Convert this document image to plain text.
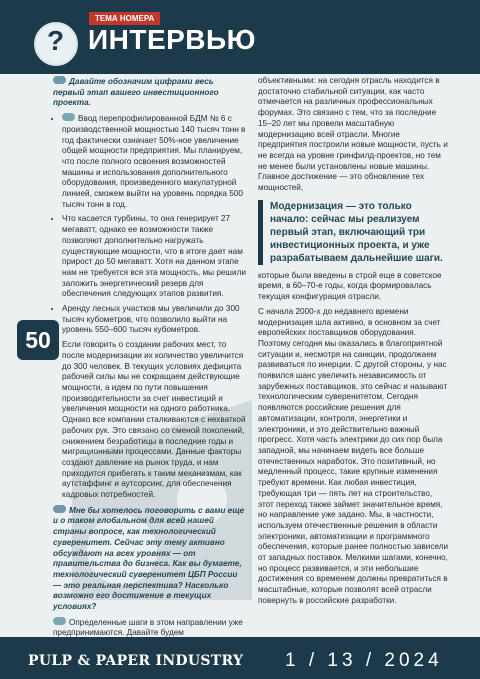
?
ТЕМА НОМЕРА
ИНТЕРВЬЮ
50
Давайте обозначим цифрами весь первый этап вашего инвестиционного проекта.
• Ввод перепрофилированной БДМ № 6 с производственной мощностью 140 тысяч тонн в год фактически означает 50%-ное увеличение общей мощности предприятия. Мы планируем, что после полного освоения возможностей машины и использования дополнительного оборудования, произведенного макулатурной линией, сможем выйти на уровень порядка 500 тысяч тонн в год.
• Что касается турбины, то она генерирует 27 мегаватт, однако ее возможности также позволяют дополнительно нагружать существующие мощности, что в итоге дает нам прирост до 50 мегаватт. Хотя на данном этапе нам не требуется вся эта мощность, мы решили заложить энергетический резерв для обеспечения следующих этапов развития.
• Аренду лесных участков мы увеличили до 300 тысяч кубометров, что позволило выйти на уровень 550–600 тысяч кубометров.
• Если говорить о создании рабочих мест, то после модернизации их количество увеличится до 300 человек. В текущих условиях дефицита рабочей силы мы не сокращаем действующие мощности, а идем по пути повышения производительности за счет инвестиций и увеличения мощности на одного работника. Однако все компании сталкиваются с нехваткой рабочих рук. Это связано со сменой поколений, снижением безработицы в последние годы и миграционными процессами. Данные факторы создают давление на рынок труда, и нам приходится прибегать к таким механизмам, как аутстаффинг и аутсорсинг, для обеспечения кадровых потребностей.
Мне бы хотелось поговорить с вами еще и о таком глобальном для всей нашей страны вопросе, как технологический суверенитет. Сейчас эту тему активно обсуждают на всех уровнях — от правительства до бизнеса. Как вы думаете, технологический суверенитет ЦБП России — это реальная перспектива? Насколько возможно его достижение в текущих условиях?

Определенные шаги в этом направлении уже предпринимаются. Давайте будем

объективными: на сегодня отрасль находится в достаточно стабильной ситуации, как часто отмечается на различных профессиональных форумах. Это связано с тем, что за последние 15–20 лет мы провели масштабную модернизацию всей отрасли. Многие предприятия построили новые мощности, пусть и не всегда на уровне гринфилд-проектов, но тем не менее были установлены новые машины. Главное достижение — это обновление тех мощностей,

Модернизация — это только начало: сейчас мы реализуем первый этап, включающий три инвестиционных проекта, и уже разрабатываем дальнейшие шаги.

которые были введены в строй еще в советское время, в 60–70-е годы, когда формировалась текущая конфигурация отрасли.

С начала 2000-х до недавнего времени модернизация шла активно, в основном за счет европейских поставщиков оборудования. Поэтому сегодня мы оказались в благоприятной ситуации и, несмотря на санкции, продолжаем развиваться по инерции. С другой стороны, у нас появился шанс увеличить независимость от зарубежных поставщиков, это сейчас и называют технологическим суверенитетом. Сегодня появляются российские решения для автоматизации, контроля, энергетики и электроники, и это действительно важный прогресс. Хотя часть электрики до сих пор была западной, мы начинаем видеть все больше отечественных наработок. Это позитивный, но медленный процесс, такие крупные изменения требуют времени. Как любая инвестиция, требующая три — пять лет на строительство, этот переход также займет значительное время, но направление уже задано. Мы, в частности, используем отечественные решения в области электроники, автоматизации и программного обеспечения, которые ранее полностью зависели от западных поставок. Мелкими шагами, конечно, но процесс развивается, и эти небольшие достижения со временем должны превратиться в масштабные, которые позволят всей отрасли повернуть в российские разработки.

PULP & PAPER INDUSTRY 1 / 13 / 2024
